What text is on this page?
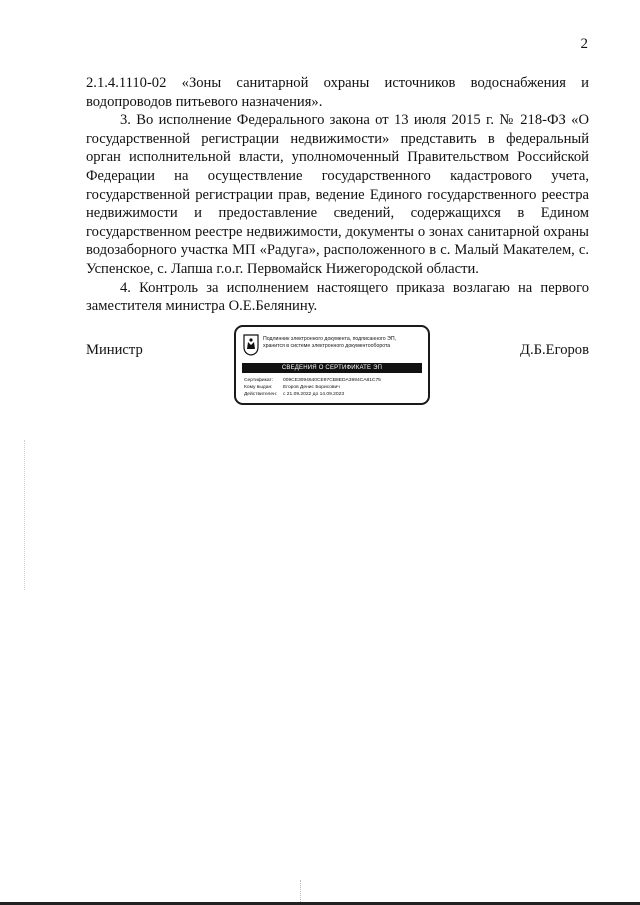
2

2.1.4.1110-02 «Зоны санитарной охраны источников водоснабжения и водопроводов питьевого назначения».

3. Во исполнение Федерального закона от 13 июля 2015 г. № 218-ФЗ «О государственной регистрации недвижимости» представить в федеральный орган исполнительной власти, уполномоченный Правительством Российской Федерации на осуществление государственного кадастрового учета, государственной регистрации прав, ведение Единого государственного реестра недвижимости и предоставление сведений, содержащихся в Едином государственном реестре недвижимости, документы о зонах санитарной охраны водозаборного участка МП «Радуга», расположенного в с. Малый Макателем, с. Успенское, с. Лапша г.о.г. Первомайск Нижегородской области.

4. Контроль за исполнением настоящего приказа возлагаю на первого заместителя министра О.Е.Белянину.

Министр	Д.Б.Егоров
Подлинник электронного документа, подписанного ЭП,
хранится в системе электронного документооборота
СВЕДЕНИЯ О СЕРТИФИКАТЕ ЭП
Сертификат: 009CE3094640CE97CB8EDA3994CA81C75
Кому выдан: Егоров Денис Борисович
Действителен: с 21.09.2022 до 14.09.2023
